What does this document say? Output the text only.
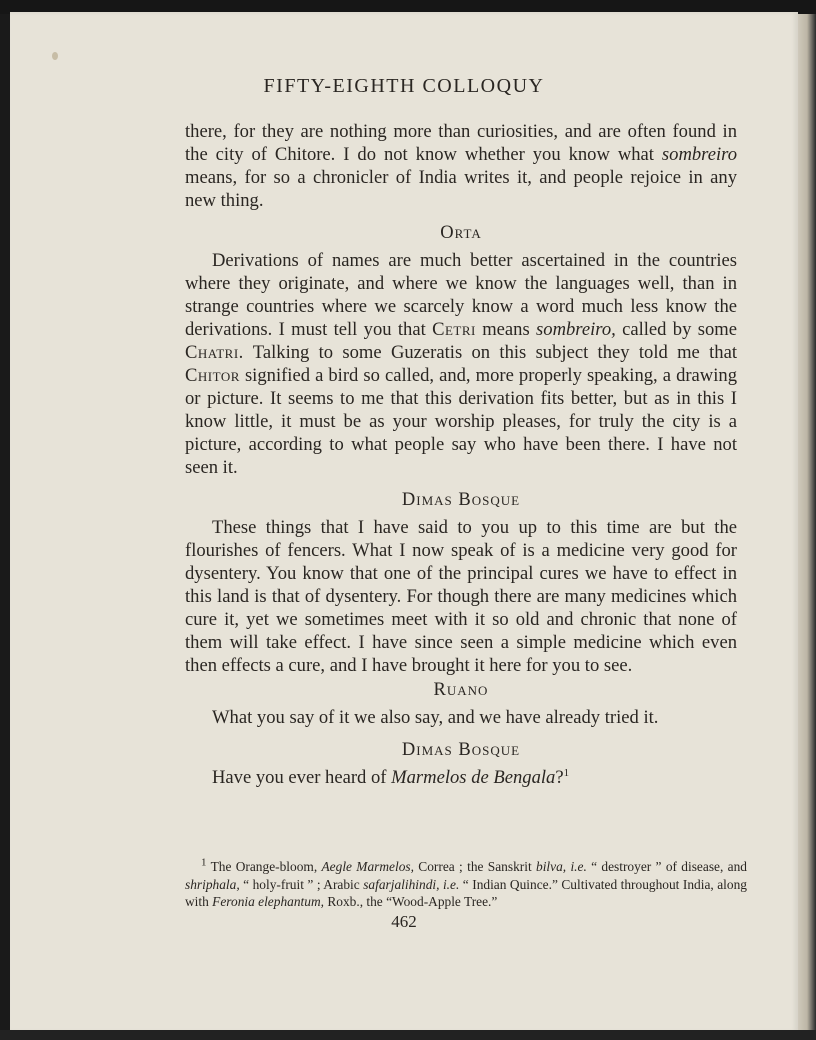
FIFTY-EIGHTH COLLOQUY

there, for they are nothing more than curiosities, and are often found in the city of Chitore. I do not know whether you know what sombreiro means, for so a chronicler of India writes it, and people rejoice in any new thing.

Orta

Derivations of names are much better ascertained in the countries where they originate, and where we know the languages well, than in strange countries where we scarcely know a word much less know the derivations. I must tell you that Cetri means sombreiro, called by some Chatri. Talking to some Guzeratis on this subject they told me that Chitor signified a bird so called, and, more properly speaking, a drawing or picture. It seems to me that this derivation fits better, but as in this I know little, it must be as your worship pleases, for truly the city is a picture, according to what people say who have been there. I have not seen it.

Dimas Bosque

These things that I have said to you up to this time are but the flourishes of fencers. What I now speak of is a medicine very good for dysentery. You know that one of the principal cures we have to effect in this land is that of dysentery. For though there are many medicines which cure it, yet we sometimes meet with it so old and chronic that none of them will take effect. I have since seen a simple medicine which even then effects a cure, and I have brought it here for you to see.

Ruano

What you say of it we also say, and we have already tried it.

Dimas Bosque

Have you ever heard of Marmelos de Bengala?$^1$

$^1$ The Orange-bloom, Aegle Marmelos, Correa ; the Sanskrit bilva, i.e. “ destroyer ” of disease, and shriphala, “ holy-fruit ” ; Arabic safarjalihindi, i.e. “ Indian Quince.” Cultivated throughout India, along with Feronia elephantum, Roxb., the “Wood-Apple Tree.”

462
